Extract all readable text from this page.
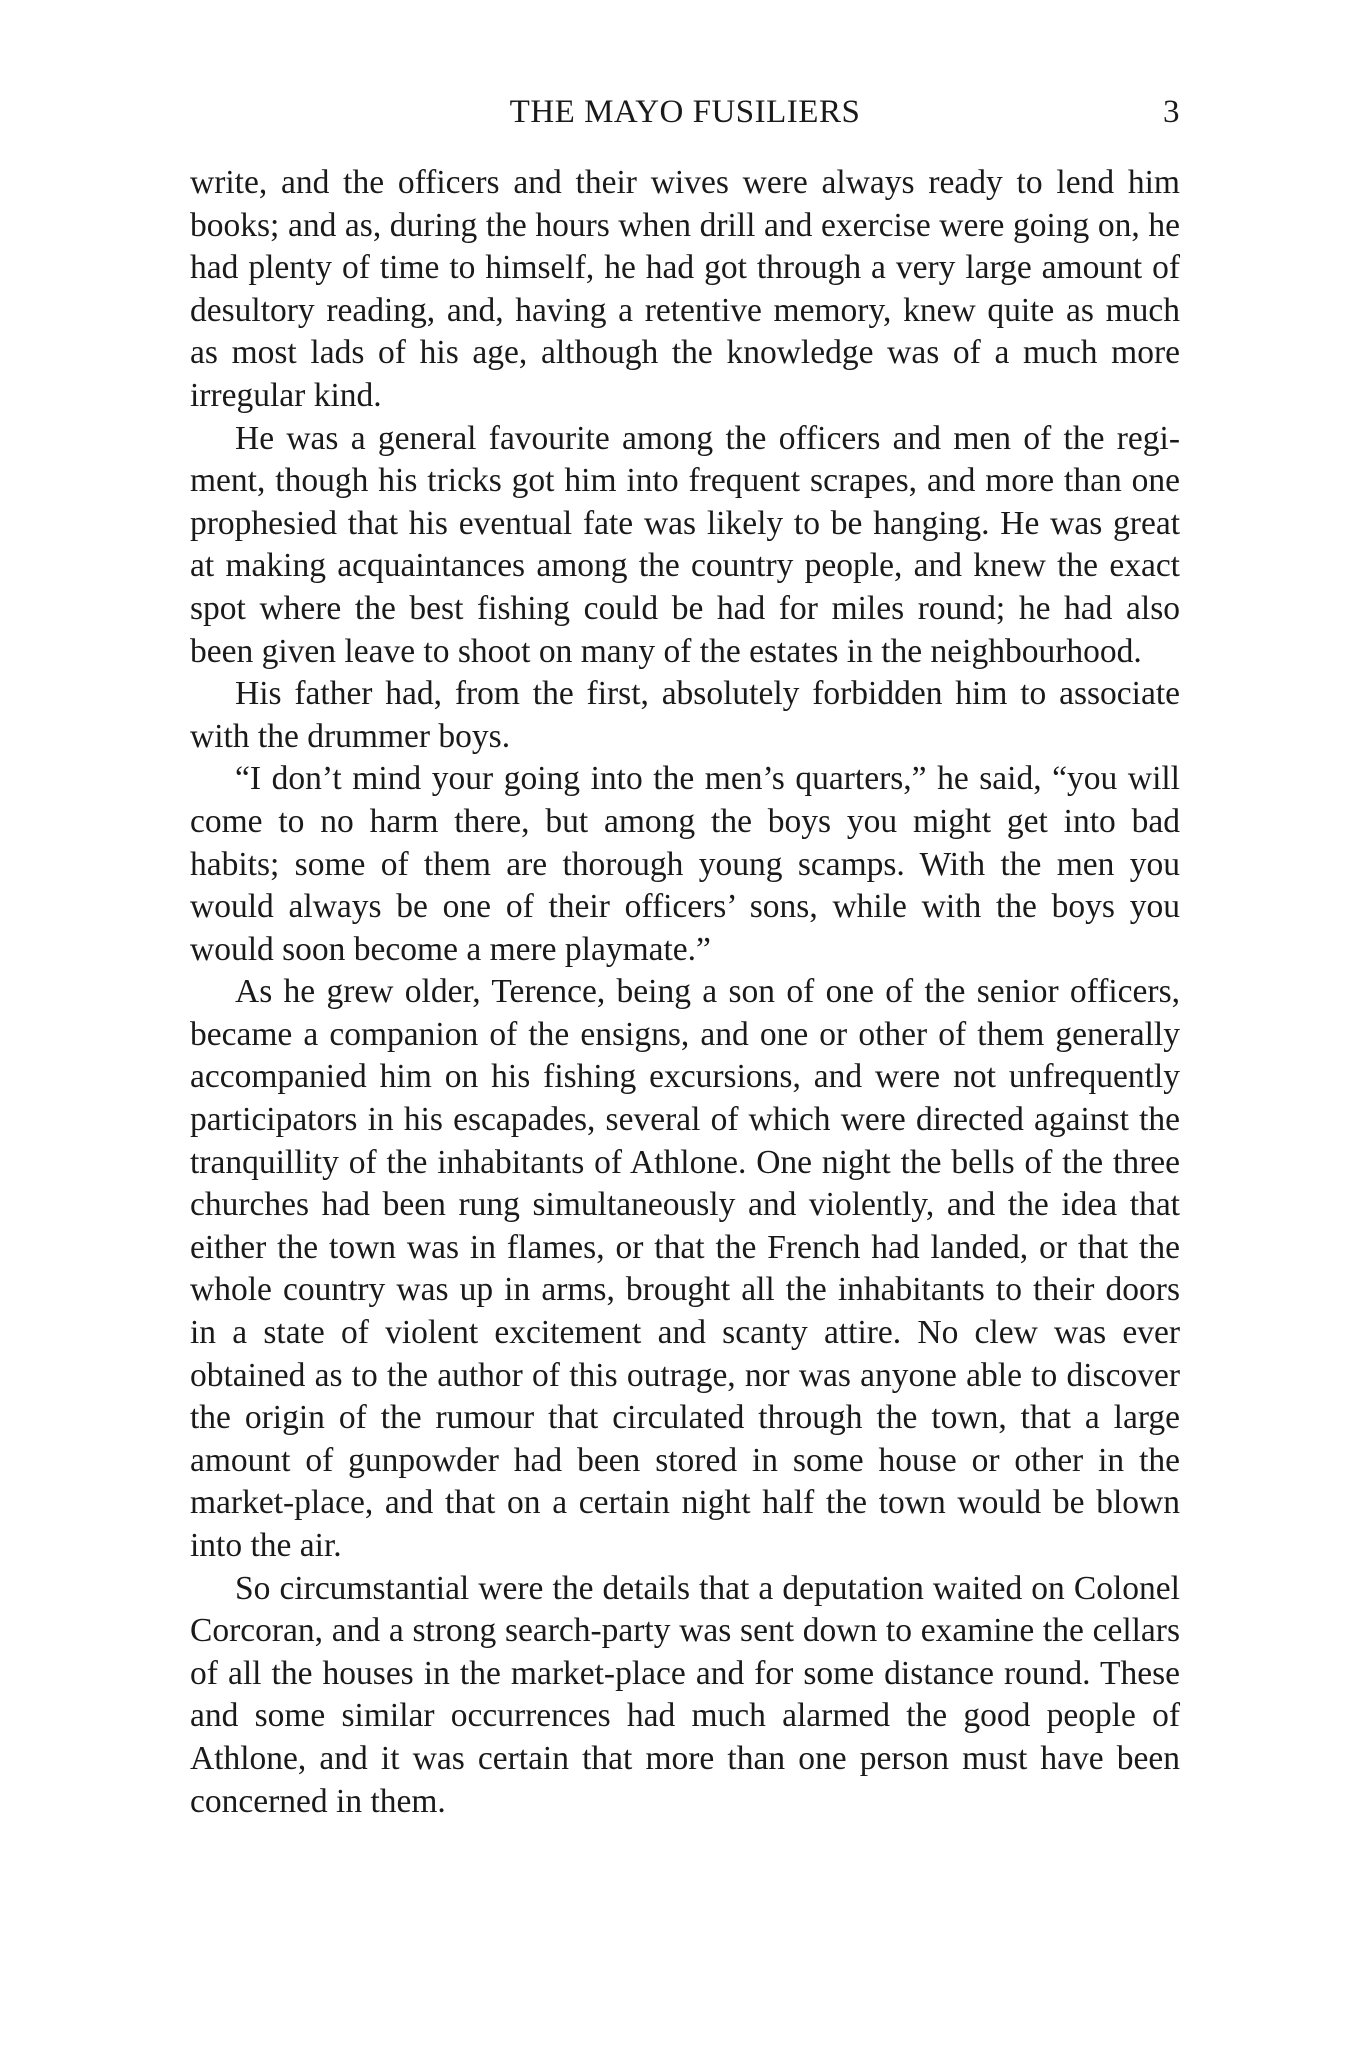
THE MAYO FUSILIERS	3

write, and the officers and their wives were always ready to lend him books; and as, during the hours when drill and exercise were going on, he had plenty of time to himself, he had got through a very large amount of desultory reading, and, having a retentive memory, knew quite as much as most lads of his age, although the knowledge was of a much more irregular kind.

He was a general favourite among the officers and men of the regiment, though his tricks got him into frequent scrapes, and more than one prophesied that his eventual fate was likely to be hanging. He was great at making acquaintances among the country people, and knew the exact spot where the best fishing could be had for miles round; he had also been given leave to shoot on many of the estates in the neighbourhood.

His father had, from the first, absolutely forbidden him to associate with the drummer boys.

“I don’t mind your going into the men’s quarters,” he said, “you will come to no harm there, but among the boys you might get into bad habits; some of them are thorough young scamps. With the men you would always be one of their officers’ sons, while with the boys you would soon become a mere playmate.”

As he grew older, Terence, being a son of one of the senior officers, became a companion of the ensigns, and one or other of them generally accompanied him on his fishing excursions, and were not unfrequently participators in his escapades, several of which were directed against the tranquillity of the inhabitants of Athlone. One night the bells of the three churches had been rung simultaneously and violently, and the idea that either the town was in flames, or that the French had landed, or that the whole country was up in arms, brought all the inhabitants to their doors in a state of violent excitement and scanty attire. No clew was ever obtained as to the author of this outrage, nor was anyone able to discover the origin of the rumour that circulated through the town, that a large amount of gunpowder had been stored in some house or other in the market-place, and that on a certain night half the town would be blown into the air.

So circumstantial were the details that a deputation waited on Colonel Corcoran, and a strong search-party was sent down to examine the cellars of all the houses in the market-place and for some distance round. These and some similar occurrences had much alarmed the good people of Athlone, and it was certain that more than one person must have been concerned in them.
